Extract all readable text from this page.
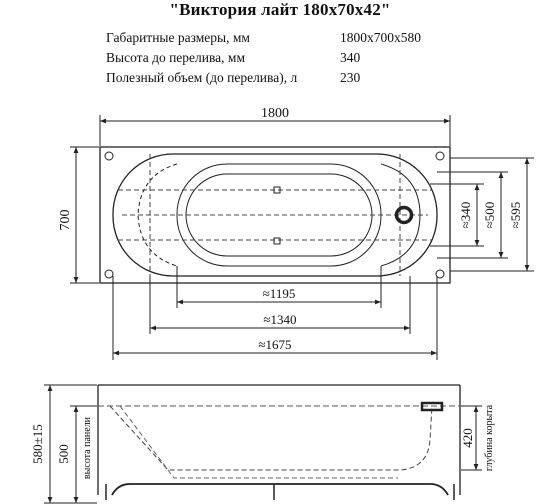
"Виктория лайт 180х70х42"
Габаритные размеры, мм	1800х700х580
Высота до перелива, мм	340
Полезный объем (до перелива), л	230
1800
700	≈340 ≈500 ≈595
≈1195
≈1340
≈1675
580±15 500 высота панели	420 глубина корыта
